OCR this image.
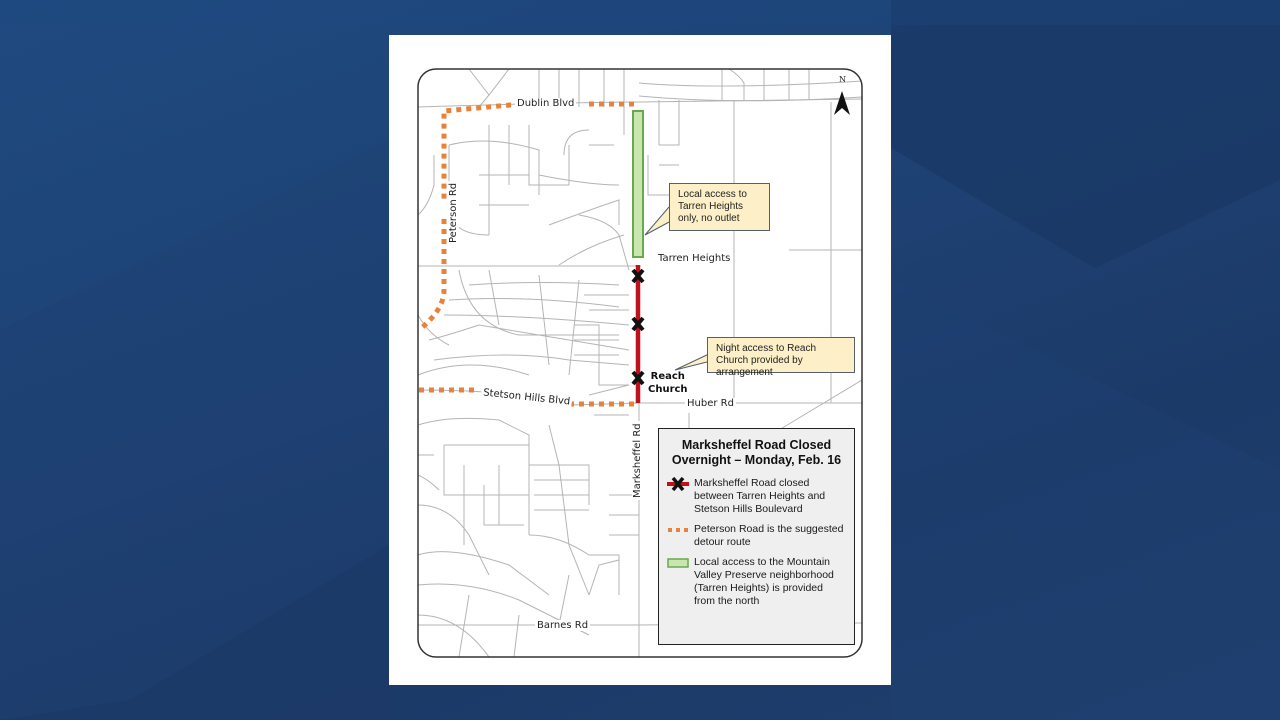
N
Dublin Blvd
Peterson Rd
Stetson Hills Blvd	Huber Rd
Marksheffel Rd
Barnes Rd
Tarren Heights
Reach
Church
Local access to Tarren Heights only, no outlet
Night access to Reach Church provided by arrangement
Marksheffel Road Closed
Overnight – Monday, Feb. 16
Marksheffel Road closed between Tarren Heights and Stetson Hills Boulevard
Peterson Road is the suggested detour route
Local access to the Mountain Valley Preserve neighborhood (Tarren Heights) is provided from the north
